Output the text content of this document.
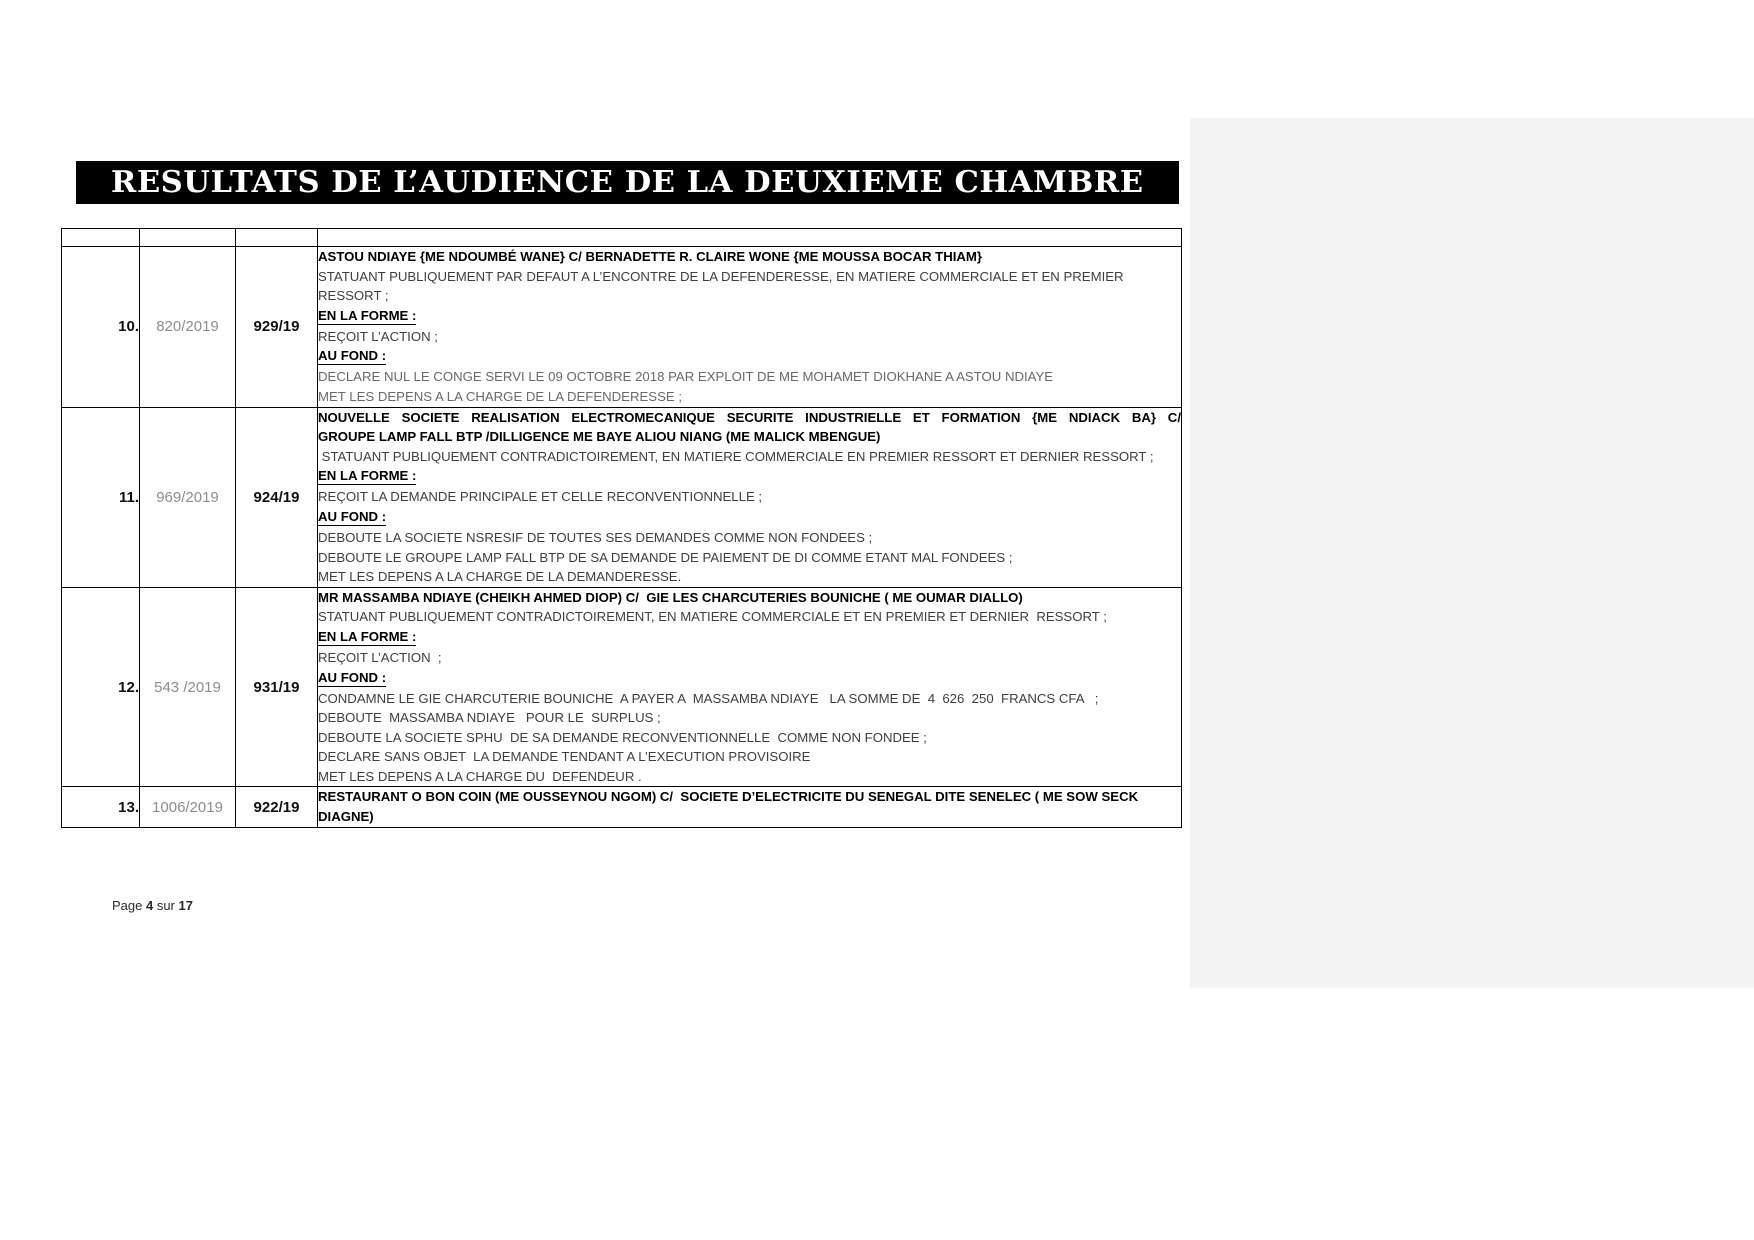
RESULTATS DE L’AUDIENCE DE LA DEUXIEME CHAMBRE

10.	820/2019	929/19	
ASTOU NDIAYE {ME NDOUMBÉ WANE} C/ BERNADETTE R. CLAIRE WONE {ME MOUSSA BOCAR THIAM}
STATUANT PUBLIQUEMENT PAR DEFAUT A L’ENCONTRE DE LA DEFENDERESSE, EN MATIERE COMMERCIALE ET EN PREMIER RESSORT ;
EN LA FORME :
REÇOIT L’ACTION ;
AU FOND :
DECLARE NUL LE CONGE SERVI LE 09 OCTOBRE 2018 PAR EXPLOIT DE ME MOHAMET DIOKHANE A ASTOU NDIAYE
MET LES DEPENS A LA CHARGE DE LA DEFENDERESSE ;

11.	969/2019	924/19	
NOUVELLE SOCIETE REALISATION ELECTROMECANIQUE SECURITE INDUSTRIELLE ET FORMATION {ME NDIACK BA} C/
GROUPE LAMP FALL BTP /DILLIGENCE ME BAYE ALIOU NIANG (ME MALICK MBENGUE)
STATUANT PUBLIQUEMENT CONTRADICTOIREMENT, EN MATIERE COMMERCIALE EN PREMIER RESSORT ET DERNIER RESSORT ;
EN LA FORME :
REÇOIT LA DEMANDE PRINCIPALE ET CELLE RECONVENTIONNELLE ;
AU FOND :
DEBOUTE LA SOCIETE NSRESIF DE TOUTES SES DEMANDES COMME NON FONDEES ;
DEBOUTE LE GROUPE LAMP FALL BTP DE SA DEMANDE DE PAIEMENT DE DI COMME ETANT MAL FONDEES ;
MET LES DEPENS A LA CHARGE DE LA DEMANDERESSE.

12.	543 /2019	931/19	
MR MASSAMBA NDIAYE (CHEIKH AHMED DIOP) C/  GIE LES CHARCUTERIES BOUNICHE ( ME OUMAR DIALLO)
STATUANT PUBLIQUEMENT CONTRADICTOIREMENT, EN MATIERE COMMERCIALE ET EN PREMIER ET DERNIER  RESSORT ;
EN LA FORME :
REÇOIT L’ACTION  ;
AU FOND :
CONDAMNE LE GIE CHARCUTERIE BOUNICHE  A PAYER A  MASSAMBA NDIAYE   LA SOMME DE  4  626  250  FRANCS CFA   ;
DEBOUTE  MASSAMBA NDIAYE   POUR LE  SURPLUS ;
DEBOUTE LA SOCIETE SPHU  DE SA DEMANDE RECONVENTIONNELLE  COMME NON FONDEE ;
DECLARE SANS OBJET  LA DEMANDE TENDANT A L’EXECUTION PROVISOIRE
MET LES DEPENS A LA CHARGE DU  DEFENDEUR .

13.	1006/2019	922/19	RESTAURANT O BON COIN (ME OUSSEYNOU NGOM) C/  SOCIETE D’ELECTRICITE DU SENEGAL DITE SENELEC ( ME SOW SECK DIAGNE)
Page 4 sur 17
